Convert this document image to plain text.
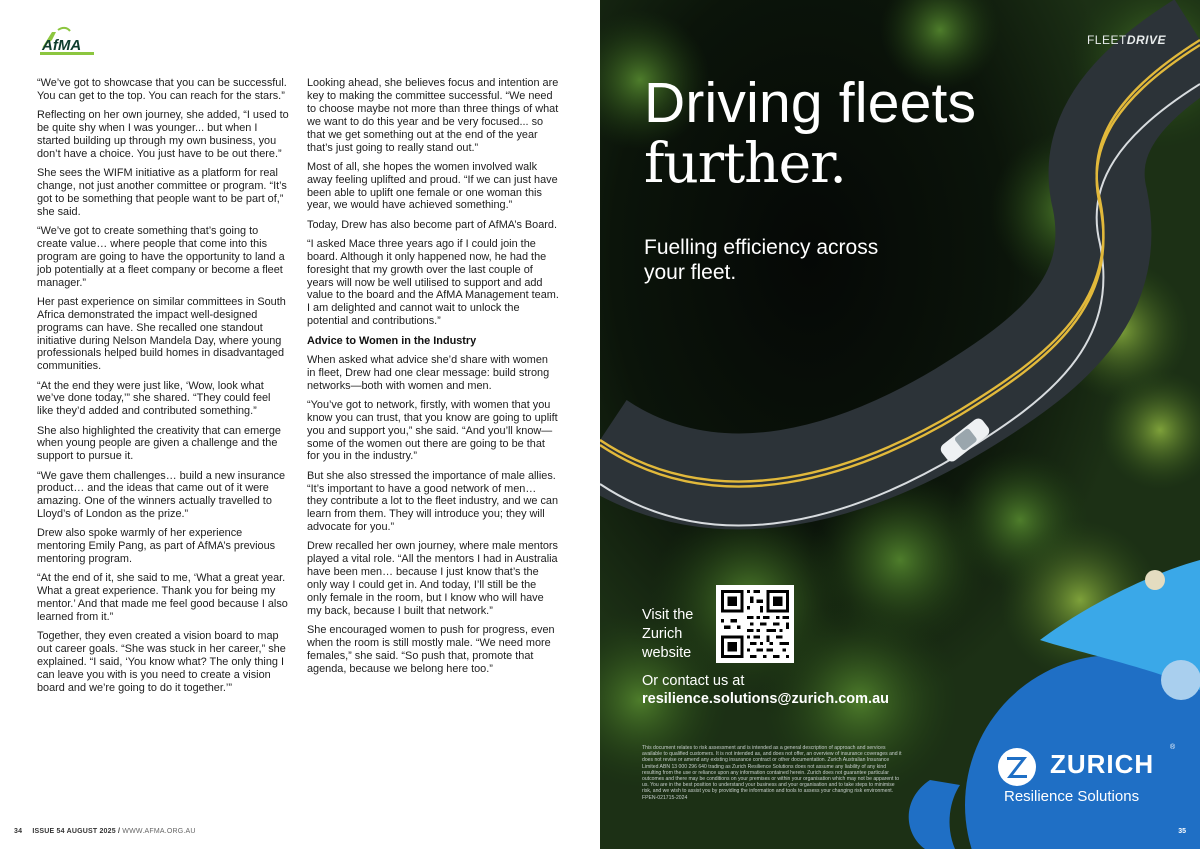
AfMA

“We’ve got to showcase that you can be successful. You can get to the top. You can reach for the stars.”

Reflecting on her own journey, she added, “I used to be quite shy when I was younger... but when I started building up through my own business, you don’t have a choice. You just have to be out there.”

She sees the WIFM initiative as a platform for real change, not just another committee or program. “It’s got to be something that people want to be part of,” she said.

“We’ve got to create something that’s going to create value… where people that come into this program are going to have the opportunity to land a job potentially at a fleet company or become a fleet manager.”

Her past experience on similar committees in South Africa demonstrated the impact well-designed programs can have. She recalled one standout initiative during Nelson Mandela Day, where young professionals helped build homes in disadvantaged communities.

“At the end they were just like, ‘Wow, look what we’ve done today,’” she shared. “They could feel like they’d added and contributed something.”

She also highlighted the creativity that can emerge when young people are given a challenge and the support to pursue it.

“We gave them challenges… build a new insurance product… and the ideas that came out of it were amazing. One of the winners actually travelled to Lloyd’s of London as the prize.”

Drew also spoke warmly of her experience mentoring Emily Pang, as part of AfMA’s previous mentoring program.

“At the end of it, she said to me, ‘What a great year. What a great experience. Thank you for being my mentor.’ And that made me feel good because I also learned from it.”

Together, they even created a vision board to map out career goals. “She was stuck in her career,” she explained. “I said, ‘You know what? The only thing I can leave you with is you need to create a vision board and we’re going to do it together.’”

Looking ahead, she believes focus and intention are key to making the committee successful. “We need to choose maybe not more than three things of what we want to do this year and be very focused... so that we get something out at the end of the year that’s just going to really stand out.”

Most of all, she hopes the women involved walk away feeling uplifted and proud. “If we can just have been able to uplift one female or one woman this year, we would have achieved something.”

Today, Drew has also become part of AfMA’s Board.

“I asked Mace three years ago if I could join the board. Although it only happened now, he had the foresight that my growth over the last couple of years will now be well utilised to support and add value to the board and the AfMA Management team. I am delighted and cannot wait to unlock the potential and contributions.”

Advice to Women in the Industry

When asked what advice she’d share with women in fleet, Drew had one clear message: build strong networks—both with women and men.

“You’ve got to network, firstly, with women that you know you can trust, that you know are going to uplift you and support you,” she said. “And you’ll know—some of the women out there are going to be that for you in the industry.”

But she also stressed the importance of male allies. “It’s important to have a good network of men… they contribute a lot to the fleet industry, and we can learn from them. They will introduce you; they will advocate for you.”

Drew recalled her own journey, where male mentors played a vital role. “All the mentors I had in Australia have been men… because I just know that’s the only way I could get in. And today, I’ll still be the only female in the room, but I know who will have my back, because I built that network.”

She encouraged women to push for progress, even when the room is still mostly male. “We need more females,” she said. “So push that, promote that agenda, because we belong here too.”

34 ISSUE 54 AUGUST 2025 / WWW.AFMA.ORG.AU
FLEETDRIVE
Driving fleets
further.
Fuelling efficiency across your fleet.
Visit the Zurich website
Or contact us at
resilience.solutions@zurich.com.au
This document relates to risk assessment and is intended as a general description of approach and services available to qualified customers. It is not intended as, and does not offer, an overview of insurance coverages and it does not revise or amend any existing insurance contract or other documentation. Zurich Australian Insurance Limited ABN 13 000 296 640 trading as Zurich Resilience Solutions does not assume any liability of any kind resulting from the use or reliance upon any information contained herein. Zurich does not guarantee particular outcomes and there may be conditions on your premises or within your organisation which may not be apparent to us. You are in the best position to understand your business and your organisation and to take steps to minimise risk, and we wish to assist you by providing the information and tools to assess your changing risk environment. FPEN-021715-2024
ZURICH
®
Resilience Solutions
35
